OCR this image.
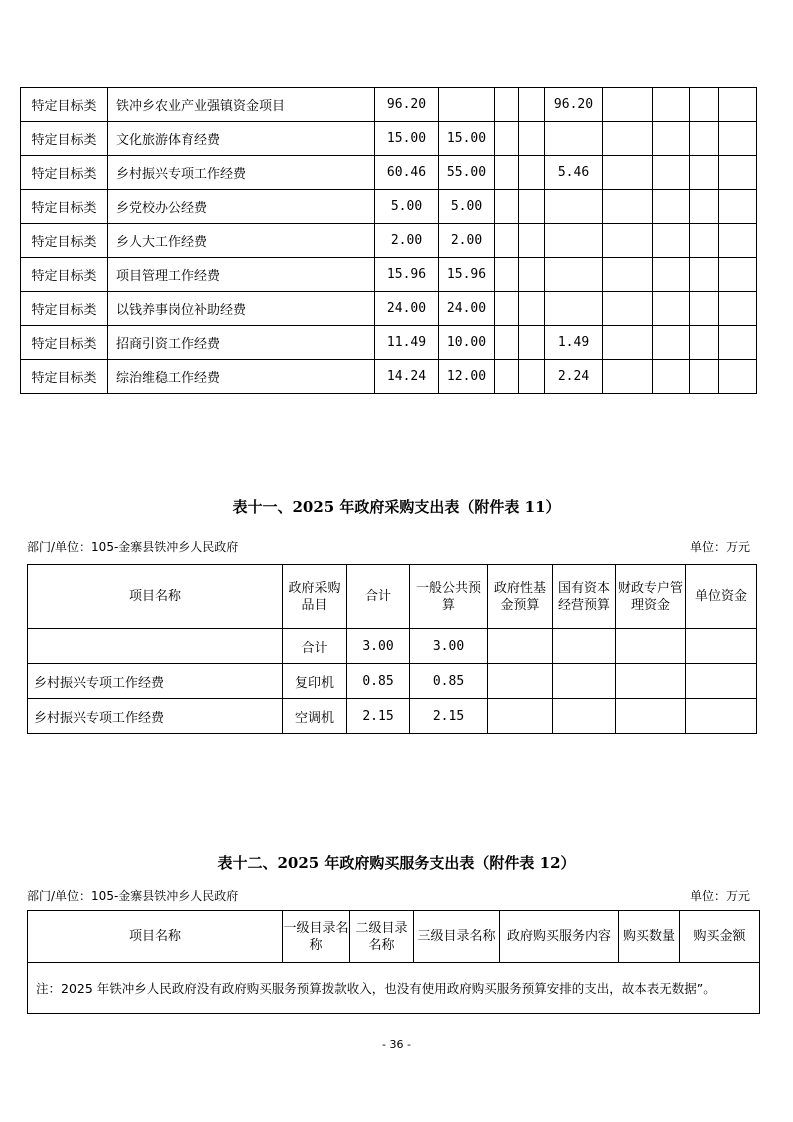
特定目标类	铁冲乡农业产业强镇资金项目	96.20				96.20				
特定目标类	文化旅游体育经费	15.00	15.00							
特定目标类	乡村振兴专项工作经费	60.46	55.00			5.46				
特定目标类	乡党校办公经费	5.00	5.00							
特定目标类	乡人大工作经费	2.00	2.00							
特定目标类	项目管理工作经费	15.96	15.96							
特定目标类	以钱养事岗位补助经费	24.00	24.00							
特定目标类	招商引资工作经费	11.49	10.00			1.49				
特定目标类	综治维稳工作经费	14.24	12.00			2.24				
表十一、2025 年政府采购支出表（附件表 11）
部门/单位：105-金寨县铁冲乡人民政府	单位：万元
项目名称	政府采购品目	合计	一般公共预算	政府性基金预算	国有资本经营预算	财政专户管理资金	单位资金
	合计	3.00	3.00				
乡村振兴专项工作经费	复印机	0.85	0.85				
乡村振兴专项工作经费	空调机	2.15	2.15				
表十二、2025 年政府购买服务支出表（附件表 12）
部门/单位：105-金寨县铁冲乡人民政府	单位：万元
项目名称	一级目录名称	二级目录名称	三级目录名称	政府购买服务内容	购买数量	购买金额
注：2025 年铁冲乡人民政府没有政府购买服务预算拨款收入，也没有使用政府购买服务预算安排的支出，故本表无数据”。
- 36 -
